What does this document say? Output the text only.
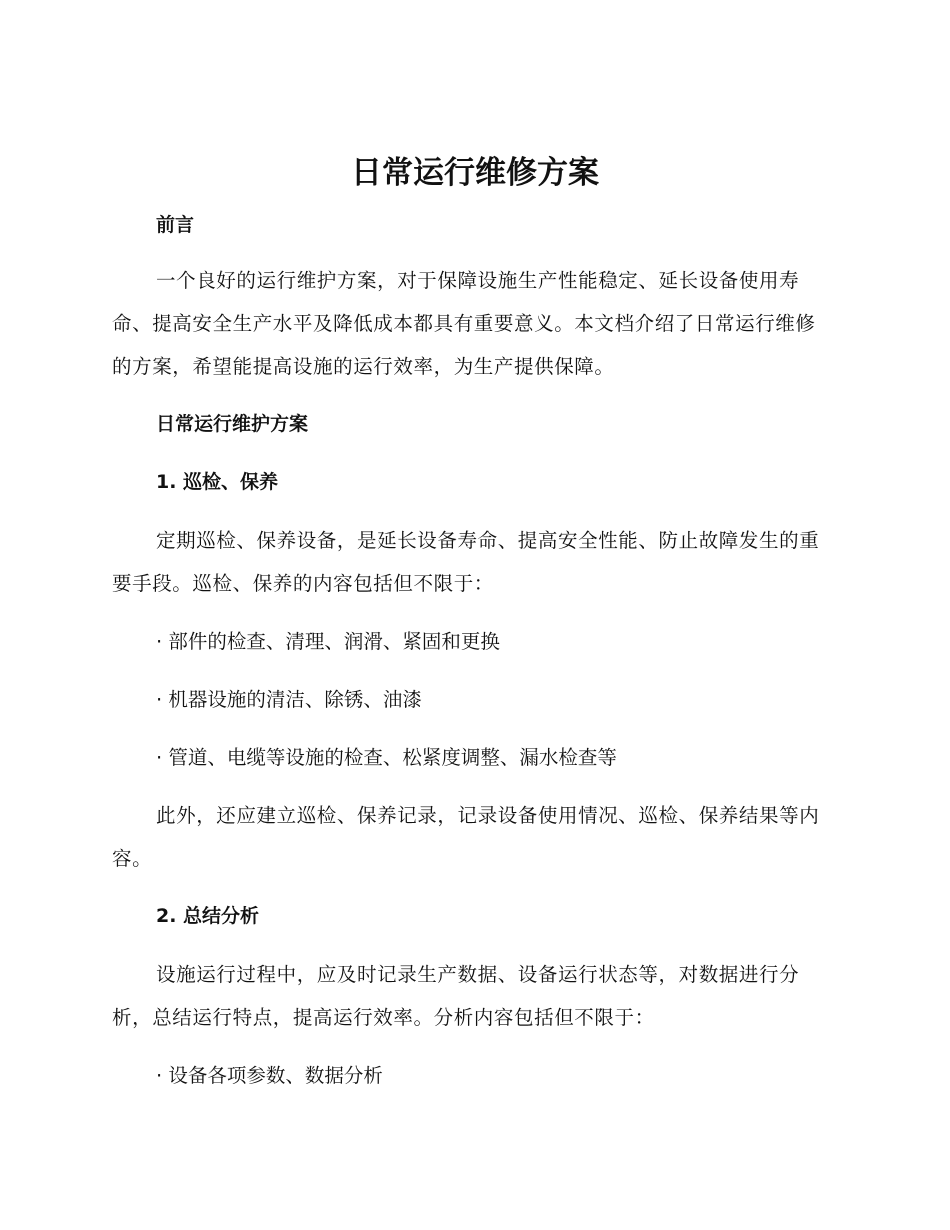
日常运行维修方案

前言

一个良好的运行维护方案，对于保障设施生产性能稳定、延长设备使用寿命、提高安全生产水平及降低成本都具有重要意义。本文档介绍了日常运行维修的方案，希望能提高设施的运行效率，为生产提供保障。

日常运行维护方案

1. 巡检、保养

定期巡检、保养设备，是延长设备寿命、提高安全性能、防止故障发生的重要手段。巡检、保养的内容包括但不限于：

· 部件的检查、清理、润滑、紧固和更换

· 机器设施的清洁、除锈、油漆

· 管道、电缆等设施的检查、松紧度调整、漏水检查等

此外，还应建立巡检、保养记录，记录设备使用情况、巡检、保养结果等内容。

2. 总结分析

设施运行过程中，应及时记录生产数据、设备运行状态等，对数据进行分析，总结运行特点，提高运行效率。分析内容包括但不限于：

· 设备各项参数、数据分析
